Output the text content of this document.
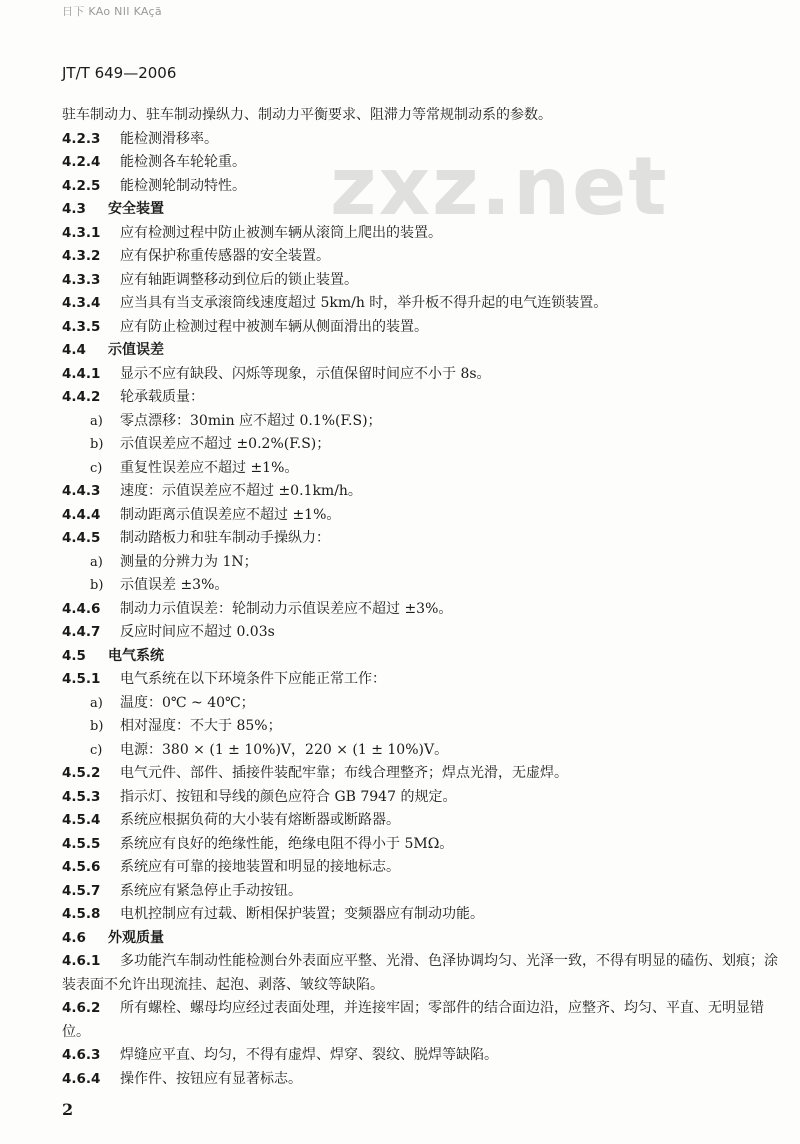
日下 KAo NII KAçã
JT/T 649—2006
zxz.net
驻车制动力、驻车制动操纵力、制动力平衡要求、阻滞力等常规制动系的参数。
4.2.3 能检测滑移率。
4.2.4 能检测各车轮轮重。
4.2.5 能检测轮制动特性。
4.3 安全装置
4.3.1 应有检测过程中防止被测车辆从滚筒上爬出的装置。
4.3.2 应有保护称重传感器的安全装置。
4.3.3 应有轴距调整移动到位后的锁止装置。
4.3.4 应当具有当支承滚筒线速度超过 5km/h 时，举升板不得升起的电气连锁装置。
4.3.5 应有防止检测过程中被测车辆从侧面滑出的装置。
4.4 示值误差
4.4.1 显示不应有缺段、闪烁等现象，示值保留时间应不小于 8s。
4.4.2 轮承载质量：
a) 零点漂移：30min 应不超过 0.1%(F.S)；
b) 示值误差应不超过 ±0.2%(F.S)；
c) 重复性误差应不超过 ±1%。
4.4.3 速度：示值误差应不超过 ±0.1km/h。
4.4.4 制动距离示值误差应不超过 ±1%。
4.4.5 制动踏板力和驻车制动手操纵力：
a) 测量的分辨力为 1N；
b) 示值误差 ±3%。
4.4.6 制动力示值误差：轮制动力示值误差应不超过 ±3%。
4.4.7 反应时间应不超过 0.03s
4.5 电气系统
4.5.1 电气系统在以下环境条件下应能正常工作：
a) 温度：0℃ ~ 40℃；
b) 相对湿度：不大于 85%；
c) 电源：380 × (1 ± 10%)V，220 × (1 ± 10%)V。
4.5.2 电气元件、部件、插接件装配牢靠；布线合理整齐；焊点光滑，无虚焊。
4.5.3 指示灯、按钮和导线的颜色应符合 GB 7947 的规定。
4.5.4 系统应根据负荷的大小装有熔断器或断路器。
4.5.5 系统应有良好的绝缘性能，绝缘电阻不得小于 5MΩ。
4.5.6 系统应有可靠的接地装置和明显的接地标志。
4.5.7 系统应有紧急停止手动按钮。
4.5.8 电机控制应有过载、断相保护装置；变频器应有制动功能。
4.6 外观质量
4.6.1 多功能汽车制动性能检测台外表面应平整、光滑、色泽协调均匀、光泽一致，不得有明显的磕伤、划痕；涂装表面不允许出现流挂、起泡、剥落、皱纹等缺陷。
4.6.2 所有螺栓、螺母均应经过表面处理，并连接牢固；零部件的结合面边沿，应整齐、均匀、平直、无明显错位。
4.6.3 焊缝应平直、均匀，不得有虚焊、焊穿、裂纹、脱焊等缺陷。
4.6.4 操作件、按钮应有显著标志。
2
